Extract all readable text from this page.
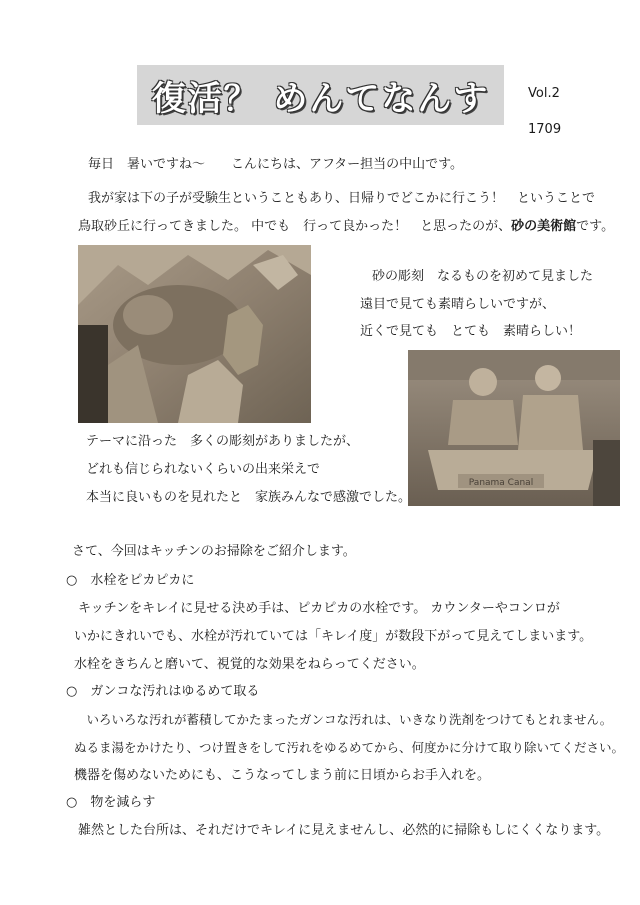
復活？ めんてなんす	Vol.2
1709
毎日　暑いですね～　　こんにちは、アフター担当の中山です。
我が家は下の子が受験生ということもあり、日帰りでどこかに行こう！　ということで
鳥取砂丘に行ってきました。 中でも　行って良かった！　と思ったのが、砂の美術館です。
砂の彫刻　なるものを初めて見ました
遠目で見ても素晴らしいですが、
近くで見ても　とても　素晴らしい！
Panama Canal
テーマに沿った　多くの彫刻がありましたが、
どれも信じられないくらいの出来栄えで
本当に良いものを見れたと　家族みんなで感激でした。
さて、今回はキッチンのお掃除をご紹介します。
○　水栓をピカピカに
キッチンをキレイに見せる決め手は、ピカピカの水栓です。 カウンターやコンロが
いかにきれいでも、水栓が汚れていては「キレイ度」が数段下がって見えてしまいます。
水栓をきちんと磨いて、視覚的な効果をねらってください。
○　ガンコな汚れはゆるめて取る
　いろいろな汚れが蓄積してかたまったガンコな汚れは、いきなり洗剤をつけてもとれません。
ぬるま湯をかけたり、つけ置きをして汚れをゆるめてから、何度かに分けて取り除いてください。
機器を傷めないためにも、こうなってしまう前に日頃からお手入れを。
○　物を減らす
雑然とした台所は、それだけでキレイに見えませんし、必然的に掃除もしにくくなります。
